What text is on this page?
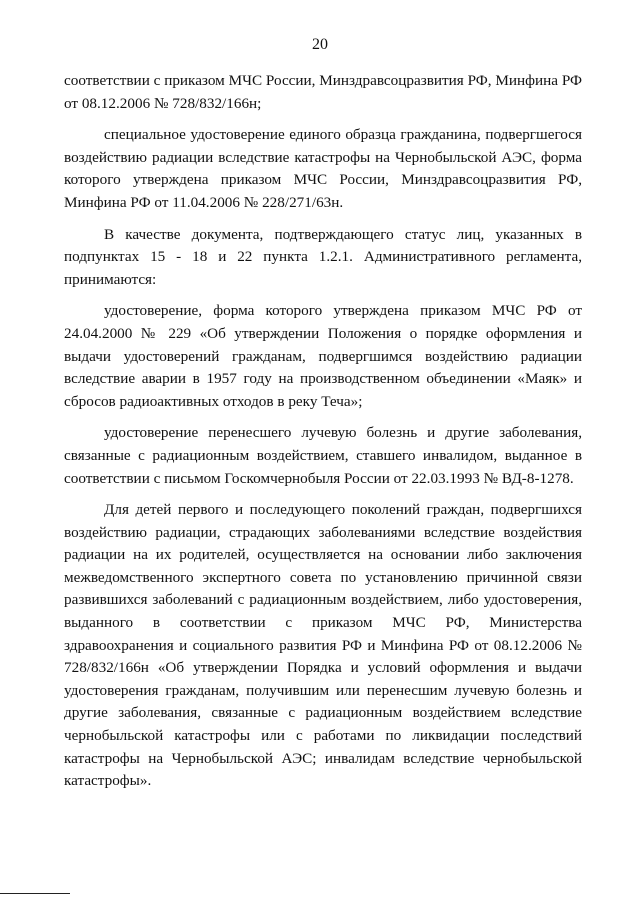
20

соответствии с приказом МЧС России, Минздравсоцразвития РФ, Минфина РФ от 08.12.2006 № 728/832/166н;

специальное удостоверение единого образца гражданина, подвергшегося воздействию радиации вследствие катастрофы на Чернобыльской АЭС, форма которого утверждена приказом МЧС России, Минздравсоцразвития РФ, Минфина РФ от 11.04.2006 № 228/271/63н.

В качестве документа, подтверждающего статус лиц, указанных в подпунктах 15 - 18 и 22 пункта 1.2.1. Административного регламента, принимаются:

удостоверение, форма которого утверждена приказом МЧС РФ от 24.04.2000 № 229 «Об утверждении Положения о порядке оформления и выдачи удостоверений гражданам, подвергшимся воздействию радиации вследствие аварии в 1957 году на производственном объединении «Маяк» и сбросов радиоактивных отходов в реку Теча»;

удостоверение перенесшего лучевую болезнь и другие заболевания, связанные с радиационным воздействием, ставшего инвалидом, выданное в соответствии с письмом Госкомчернобыля России от 22.03.1993 № ВД-8-1278.

Для детей первого и последующего поколений граждан, подвергшихся воздействию радиации, страдающих заболеваниями вследствие воздействия радиации на их родителей, осуществляется на основании либо заключения межведомственного экспертного совета по установлению причинной связи развившихся заболеваний с радиационным воздействием, либо удостоверения, выданного в соответствии с приказом МЧС РФ, Министерства здравоохранения и социального развития РФ и Минфина РФ от 08.12.2006 № 728/832/166н «Об утверждении Порядка и условий оформления и выдачи удостоверения гражданам, получившим или перенесшим лучевую болезнь и другие заболевания, связанные с радиационным воздействием вследствие чернобыльской катастрофы или с работами по ликвидации последствий катастрофы на Чернобыльской АЭС; инвалидам вследствие чернобыльской катастрофы».
